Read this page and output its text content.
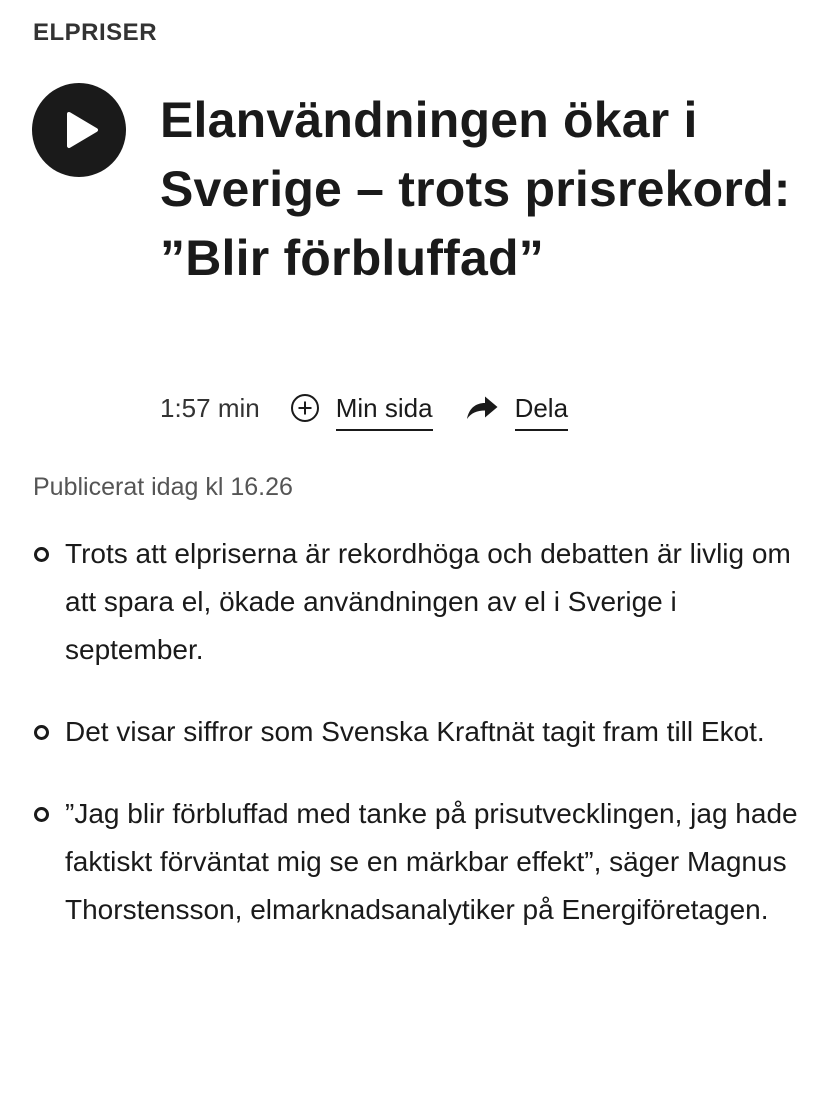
ELPRISER
Elanvändningen ökar i Sverige – trots prisrekord: ”Blir förbluffad”
1:57 min	Min sida	Dela
Publicerat idag kl 16.26
Trots att elpriserna är rekordhöga och debatten är livlig om att spara el, ökade användningen av el i Sverige i september.
Det visar siffror som Svenska Kraftnät tagit fram till Ekot.
”Jag blir förbluffad med tanke på prisutvecklingen, jag hade faktiskt förväntat mig se en märkbar effekt”, säger Magnus Thorstensson, elmarknadsanalytiker på Energiföretagen.
